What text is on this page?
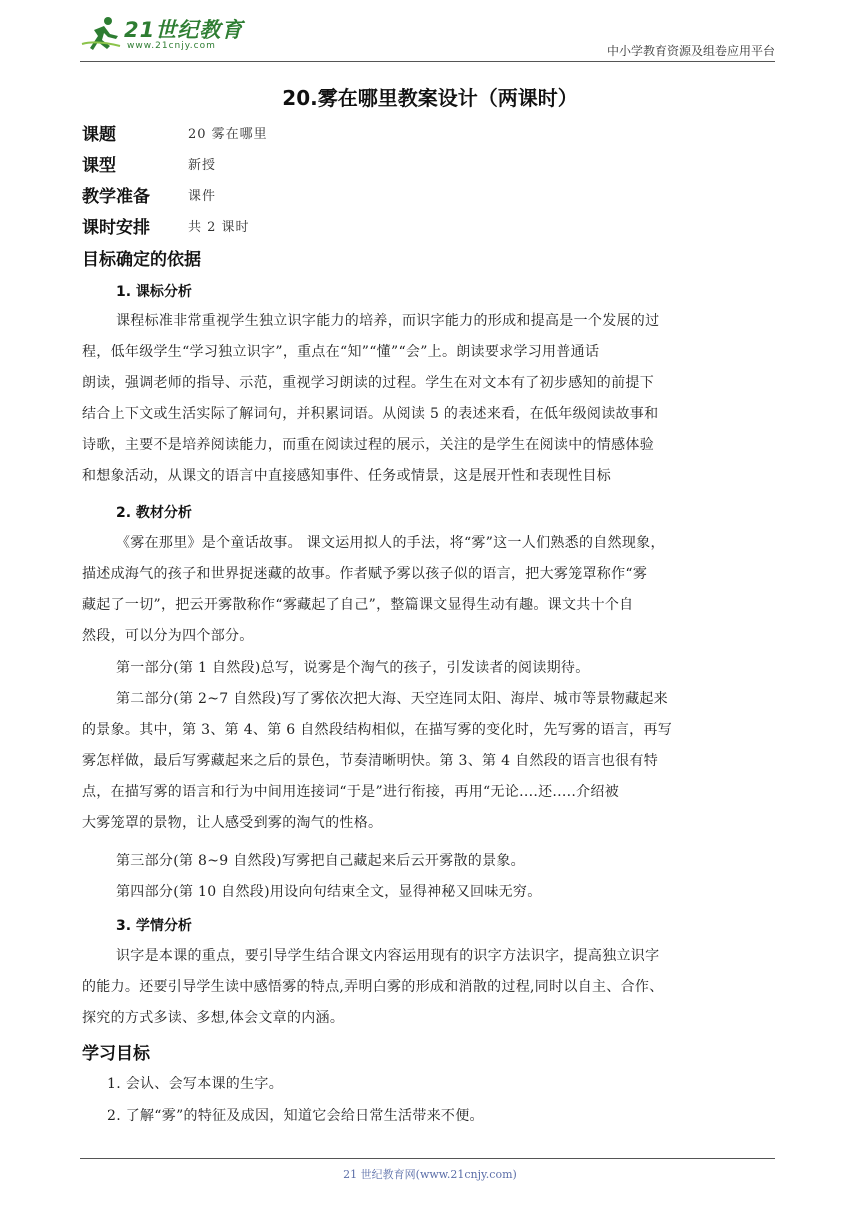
21世纪教育
www.21cnjy.com	中小学教育资源及组卷应用平台
20.雾在哪里教案设计（两课时）
课题	20 雾在哪里
课型	新授
教学准备	课件
课时安排	共 2 课时
目标确定的依据
1. 课标分析
课程标准非常重视学生独立识字能力的培养，而识字能力的形成和提高是一个发展的过
程，低年级学生“学习独立识字”，重点在“知”“懂”“会”上。朗读要求学习用普通话
朗读，强调老师的指导、示范，重视学习朗读的过程。学生在对文本有了初步感知的前提下
结合上下文或生活实际了解词句，并积累词语。从阅读 5 的表述来看，在低年级阅读故事和
诗歌，主要不是培养阅读能力，而重在阅读过程的展示，关注的是学生在阅读中的情感体验
和想象活动，从课文的语言中直接感知事件、任务或情景，这是展开性和表现性目标
2. 教材分析
《雾在那里》是个童话故事。 课文运用拟人的手法，将“雾”这一人们熟悉的自然现象，
描述成海气的孩子和世界捉迷藏的故事。作者赋予雾以孩子似的语言，把大雾笼罩称作“雾
藏起了一切”，把云开雾散称作“雾藏起了自己”，整篇课文显得生动有趣。课文共十个自
然段，可以分为四个部分。
第一部分(第 1 自然段)总写，说雾是个淘气的孩子，引发读者的阅读期待。
第二部分(第 2~7 自然段)写了雾依次把大海、天空连同太阳、海岸、城市等景物藏起来
的景象。其中，第 3、第 4、第 6 自然段结构相似，在描写雾的变化时，先写雾的语言，再写
雾怎样做，最后写雾藏起来之后的景色，节奏清晰明快。第 3、第 4 自然段的语言也很有特
点，在描写雾的语言和行为中间用连接词“于是”进行衔接，再用“无论....还.....介绍被
大雾笼罩的景物，让人感受到雾的淘气的性格。
第三部分(第 8~9 自然段)写雾把自己藏起来后云开雾散的景象。
第四部分(第 10 自然段)用设向句结束全文，显得神秘又回味无穷。
3. 学情分析
识字是本课的重点，要引导学生结合课文内容运用现有的识字方法识字，提高独立识字
的能力。还要引导学生读中感悟雾的特点,弄明白雾的形成和消散的过程,同时以自主、合作、
探究的方式多读、多想,体会文章的内涵。
学习目标
1. 会认、会写本课的生字。
2. 了解“雾”的特征及成因，知道它会给日常生活带来不便。
21 世纪教育网(www.21cnjy.com)
